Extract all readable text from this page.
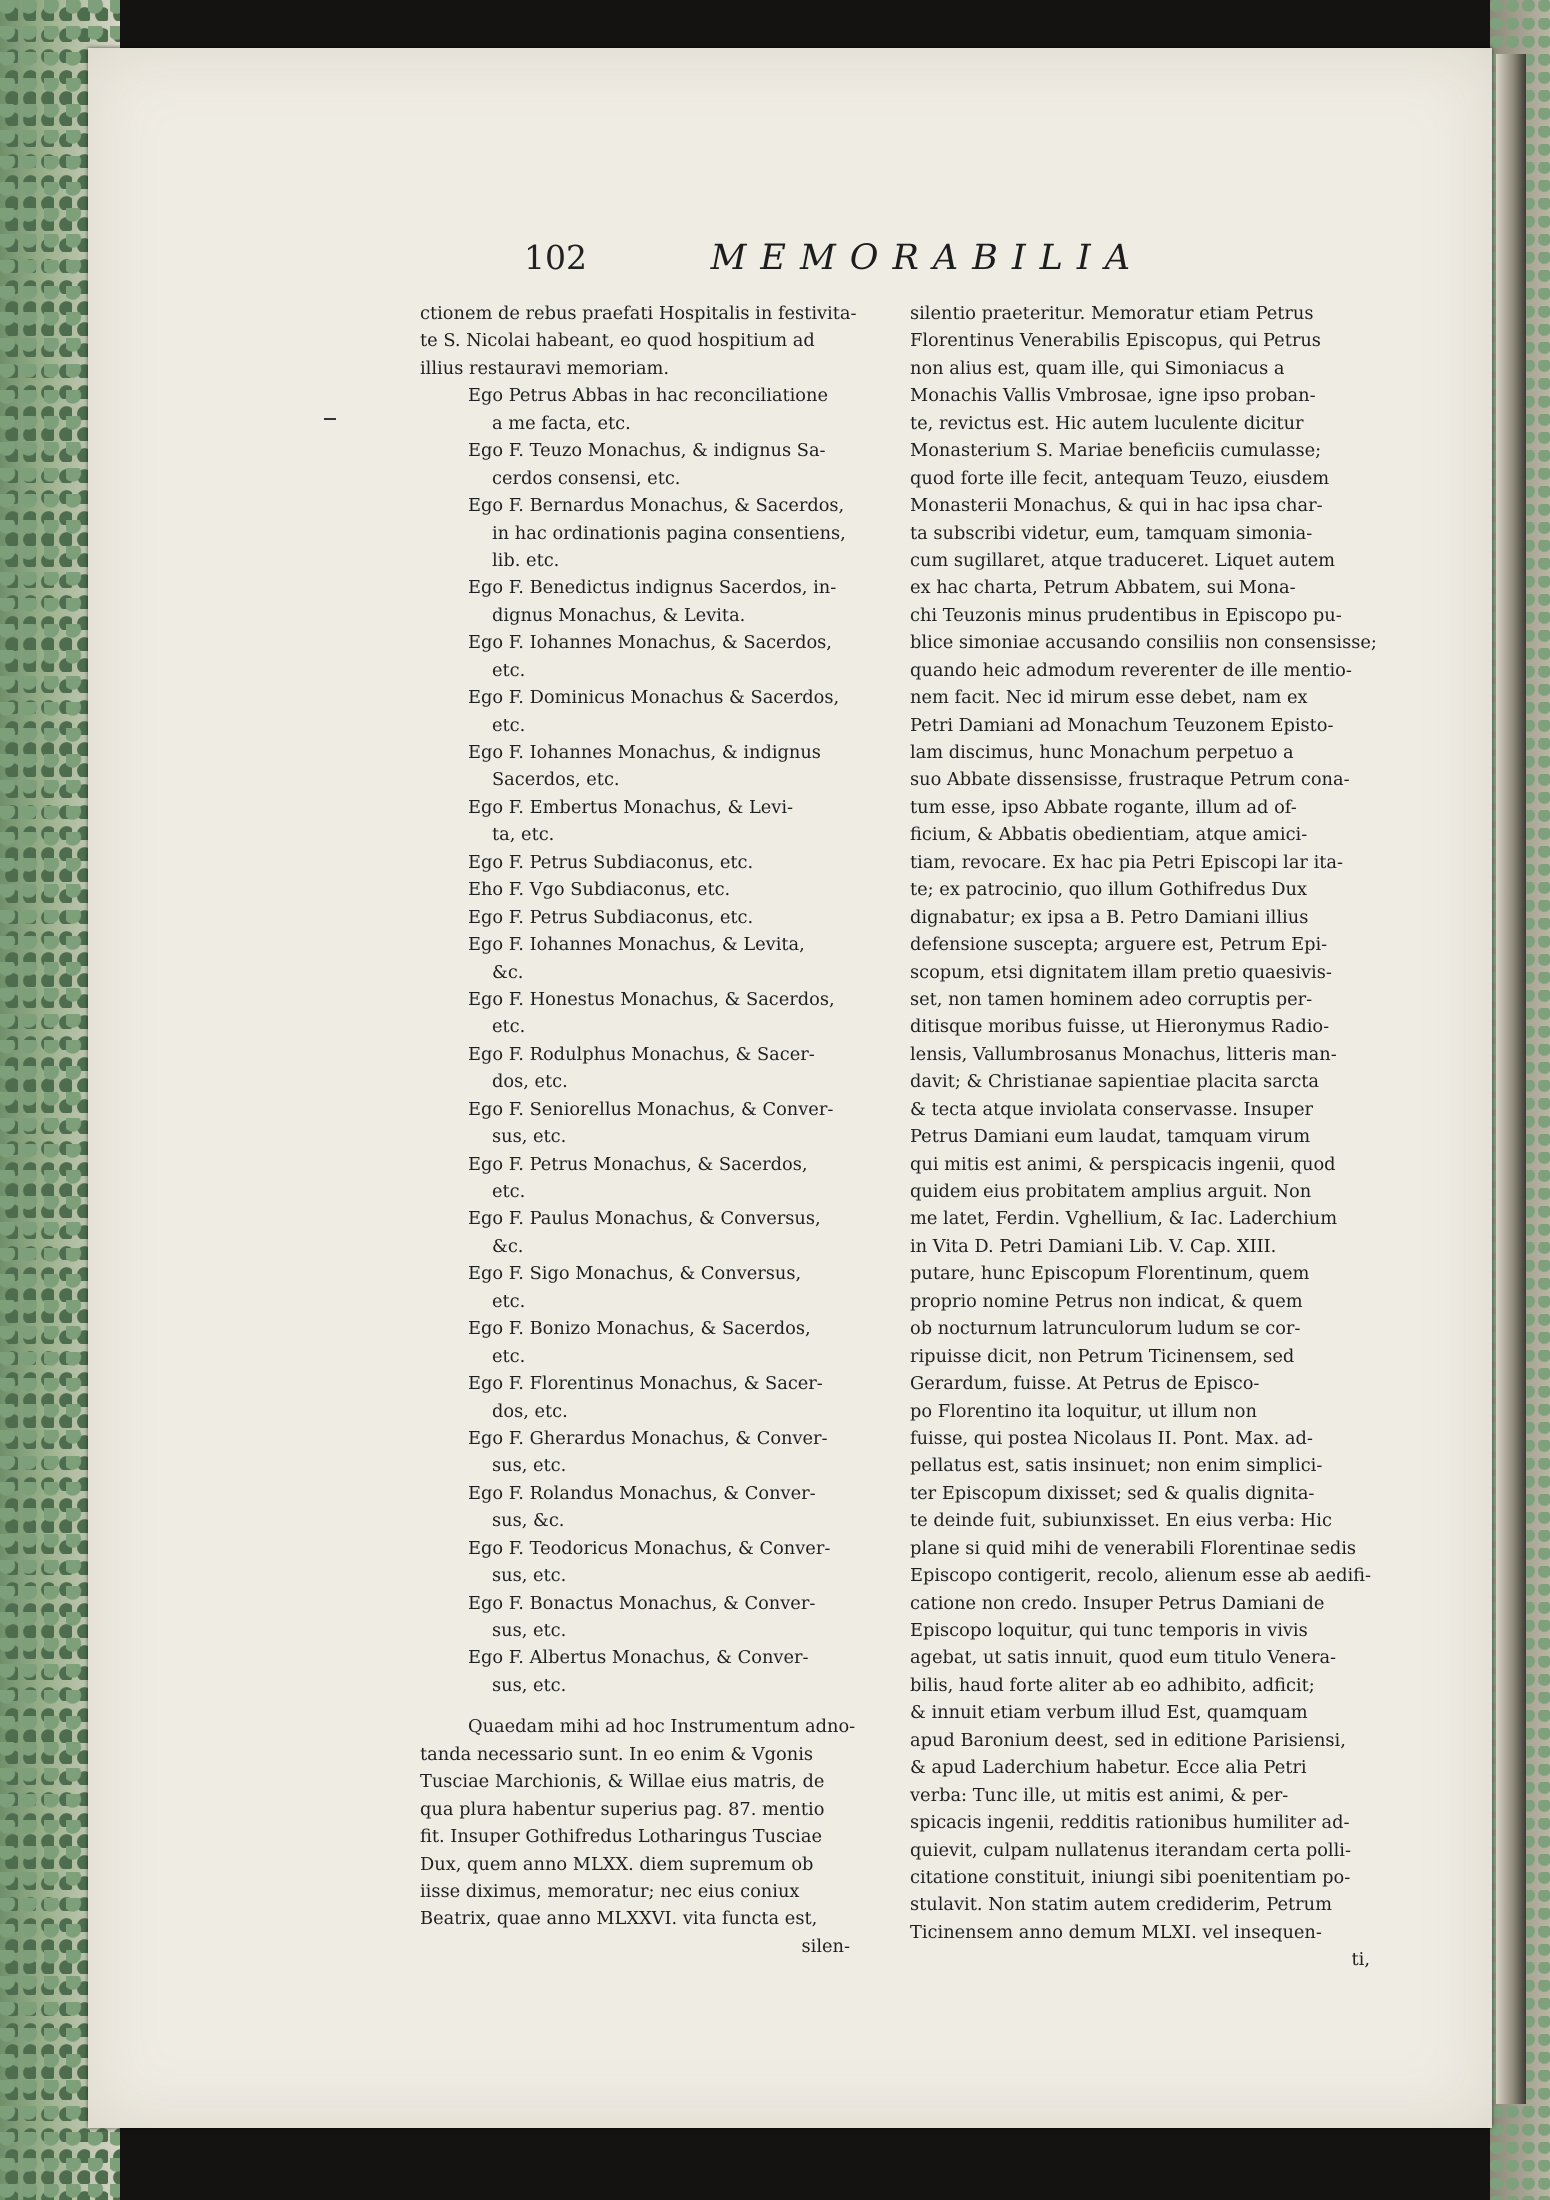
102	MEMORABILIA
ctionem de rebus praefati Hospitalis in festivita-
te S. Nicolai habeant, eo quod hospitium ad
illius restauravi memoriam.
Ego Petrus Abbas in hac reconciliatione
a me facta, etc.
Ego F. Teuzo Monachus, & indignus Sa-
cerdos consensi, etc.
Ego F. Bernardus Monachus, & Sacerdos,
in hac ordinationis pagina consentiens,
lib. etc.
Ego F. Benedictus indignus Sacerdos, in-
dignus Monachus, & Levita.
Ego F. Iohannes Monachus, & Sacerdos,
etc.
Ego F. Dominicus Monachus & Sacerdos,
etc.
Ego F. Iohannes Monachus, & indignus
Sacerdos, etc.
Ego F. Embertus Monachus, & Levi-
ta, etc.
Ego F. Petrus Subdiaconus, etc.
Eho F. Vgo Subdiaconus, etc.
Ego F. Petrus Subdiaconus, etc.
Ego F. Iohannes Monachus, & Levita,
&c.
Ego F. Honestus Monachus, & Sacerdos,
etc.
Ego F. Rodulphus Monachus, & Sacer-
dos, etc.
Ego F. Seniorellus Monachus, & Conver-
sus, etc.
Ego F. Petrus Monachus, & Sacerdos,
etc.
Ego F. Paulus Monachus, & Conversus,
&c.
Ego F. Sigo Monachus, & Conversus,
etc.
Ego F. Bonizo Monachus, & Sacerdos,
etc.
Ego F. Florentinus Monachus, & Sacer-
dos, etc.
Ego F. Gherardus Monachus, & Conver-
sus, etc.
Ego F. Rolandus Monachus, & Conver-
sus, &c.
Ego F. Teodoricus Monachus, & Conver-
sus, etc.
Ego F. Bonactus Monachus, & Conver-
sus, etc.
Ego F. Albertus Monachus, & Conver-
sus, etc.
Quaedam mihi ad hoc Instrumentum adno-
tanda necessario sunt. In eo enim & Vgonis
Tusciae Marchionis, & Willae eius matris, de
qua plura habentur superius pag. 87. mentio
fit. Insuper Gothifredus Lotharingus Tusciae
Dux, quem anno MLXX. diem supremum ob
iisse diximus, memoratur; nec eius coniux
Beatrix, quae anno MLXXVI. vita functa est,
silen-
silentio praeteritur. Memoratur etiam Petrus
Florentinus Venerabilis Episcopus, qui Petrus
non alius est, quam ille, qui Simoniacus a
Monachis Vallis Vmbrosae, igne ipso proban-
te, revictus est. Hic autem luculente dicitur
Monasterium S. Mariae beneficiis cumulasse;
quod forte ille fecit, antequam Teuzo, eiusdem
Monasterii Monachus, & qui in hac ipsa char-
ta subscribi videtur, eum, tamquam simonia-
cum sugillaret, atque traduceret. Liquet autem
ex hac charta, Petrum Abbatem, sui Mona-
chi Teuzonis minus prudentibus in Episcopo pu-
blice simoniae accusando consiliis non consensisse;
quando heic admodum reverenter de ille mentio-
nem facit. Nec id mirum esse debet, nam ex
Petri Damiani ad Monachum Teuzonem Episto-
lam discimus, hunc Monachum perpetuo a
suo Abbate dissensisse, frustraque Petrum cona-
tum esse, ipso Abbate rogante, illum ad of-
ficium, & Abbatis obedientiam, atque amici-
tiam, revocare. Ex hac pia Petri Episcopi lar ita-
te; ex patrocinio, quo illum Gothifredus Dux
dignabatur; ex ipsa a B. Petro Damiani illius
defensione suscepta; arguere est, Petrum Epi-
scopum, etsi dignitatem illam pretio quaesivis-
set, non tamen hominem adeo corruptis per-
ditisque moribus fuisse, ut Hieronymus Radio-
lensis, Vallumbrosanus Monachus, litteris man-
davit; & Christianae sapientiae placita sarcta
& tecta atque inviolata conservasse. Insuper
Petrus Damiani eum laudat, tamquam virum
qui mitis est animi, & perspicacis ingenii, quod
quidem eius probitatem amplius arguit. Non
me latet, Ferdin. Vghellium, & Iac. Laderchium
in Vita D. Petri Damiani Lib. V. Cap. XIII.
putare, hunc Episcopum Florentinum, quem
proprio nomine Petrus non indicat, & quem
ob nocturnum latrunculorum ludum se cor-
ripuisse dicit, non Petrum Ticinensem, sed
Gerardum, fuisse. At Petrus de Episco-
po Florentino ita loquitur, ut illum non
fuisse, qui postea Nicolaus II. Pont. Max. ad-
pellatus est, satis insinuet; non enim simplici-
ter Episcopum dixisset; sed & qualis dignita-
te deinde fuit, subiunxisset. En eius verba: Hic
plane si quid mihi de venerabili Florentinae sedis
Episcopo contigerit, recolo, alienum esse ab aedifi-
catione non credo. Insuper Petrus Damiani de
Episcopo loquitur, qui tunc temporis in vivis
agebat, ut satis innuit, quod eum titulo Venera-
bilis, haud forte aliter ab eo adhibito, adficit;
& innuit etiam verbum illud Est, quamquam
apud Baronium deest, sed in editione Parisiensi,
& apud Laderchium habetur. Ecce alia Petri
verba: Tunc ille, ut mitis est animi, & per-
spicacis ingenii, redditis rationibus humiliter ad-
quievit, culpam nullatenus iterandam certa polli-
citatione constituit, iniungi sibi poenitentiam po-
stulavit. Non statim autem crediderim, Petrum
Ticinensem anno demum MLXI. vel insequen-
ti,
